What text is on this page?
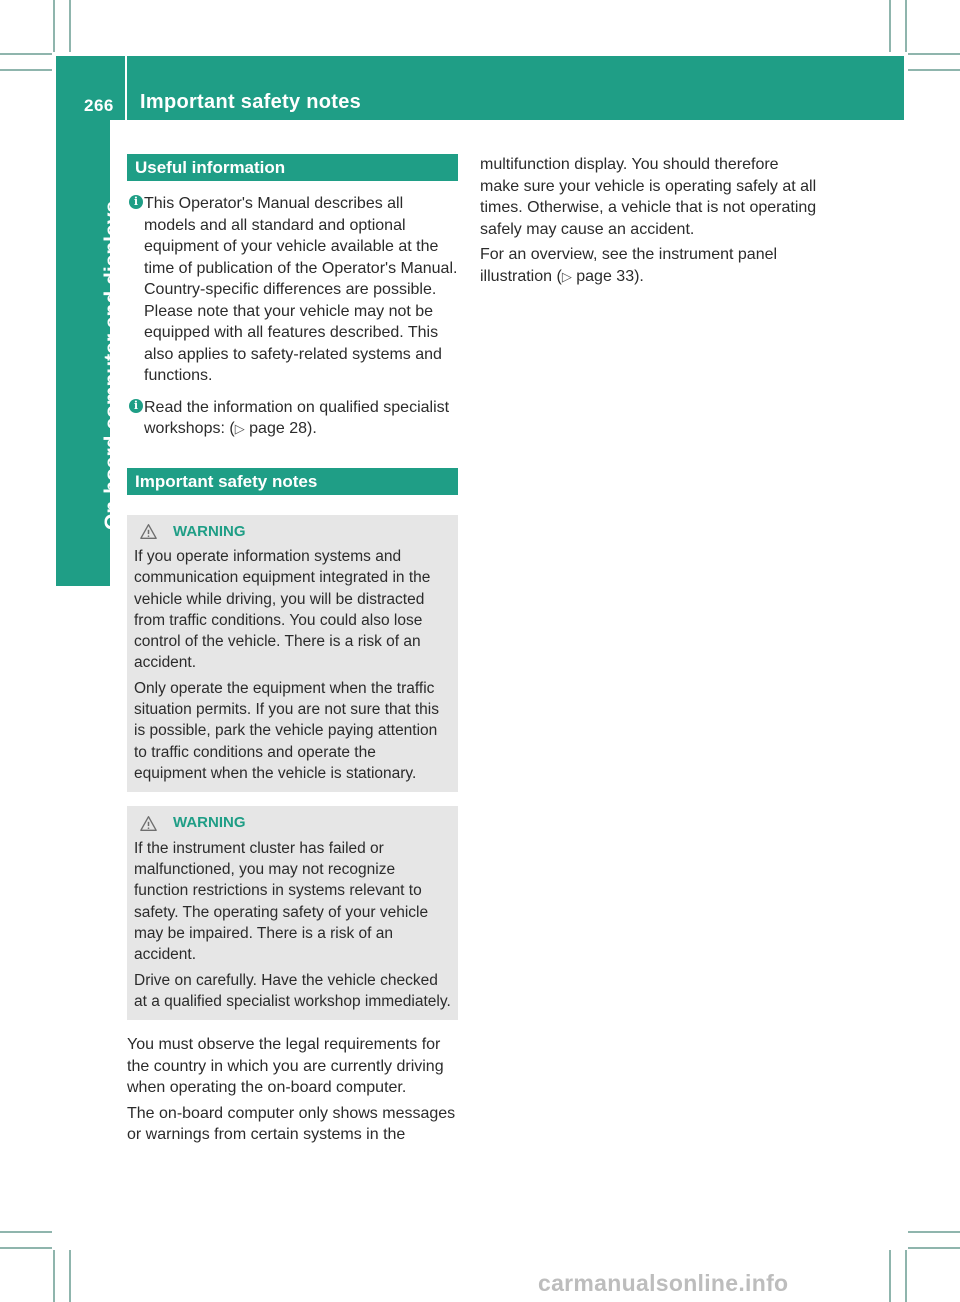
266 Important safety notes
On-board computer and displays
Useful information
i This Operator's Manual describes all models and all standard and optional equipment of your vehicle available at the time of publication of the Operator's Manual. Country-specific differences are possible. Please note that your vehicle may not be equipped with all features described. This also applies to safety-related systems and functions.
i Read the information on qualified specialist workshops: (▷ page 28).
Important safety notes
WARNING

If you operate information systems and communication equipment integrated in the vehicle while driving, you will be distracted from traffic conditions. You could also lose control of the vehicle. There is a risk of an accident.

Only operate the equipment when the traffic situation permits. If you are not sure that this is possible, park the vehicle paying attention to traffic conditions and operate the equipment when the vehicle is stationary.

WARNING

If the instrument cluster has failed or malfunctioned, you may not recognize function restrictions in systems relevant to safety. The operating safety of your vehicle may be impaired. There is a risk of an accident.

Drive on carefully. Have the vehicle checked at a qualified specialist workshop immediately.

You must observe the legal requirements for the country in which you are currently driving when operating the on-board computer.

The on-board computer only shows messages or warnings from certain systems in the

multifunction display. You should therefore make sure your vehicle is operating safely at all times. Otherwise, a vehicle that is not operating safely may cause an accident.

For an overview, see the instrument panel illustration (▷ page 33).

carmanualsonline.info
